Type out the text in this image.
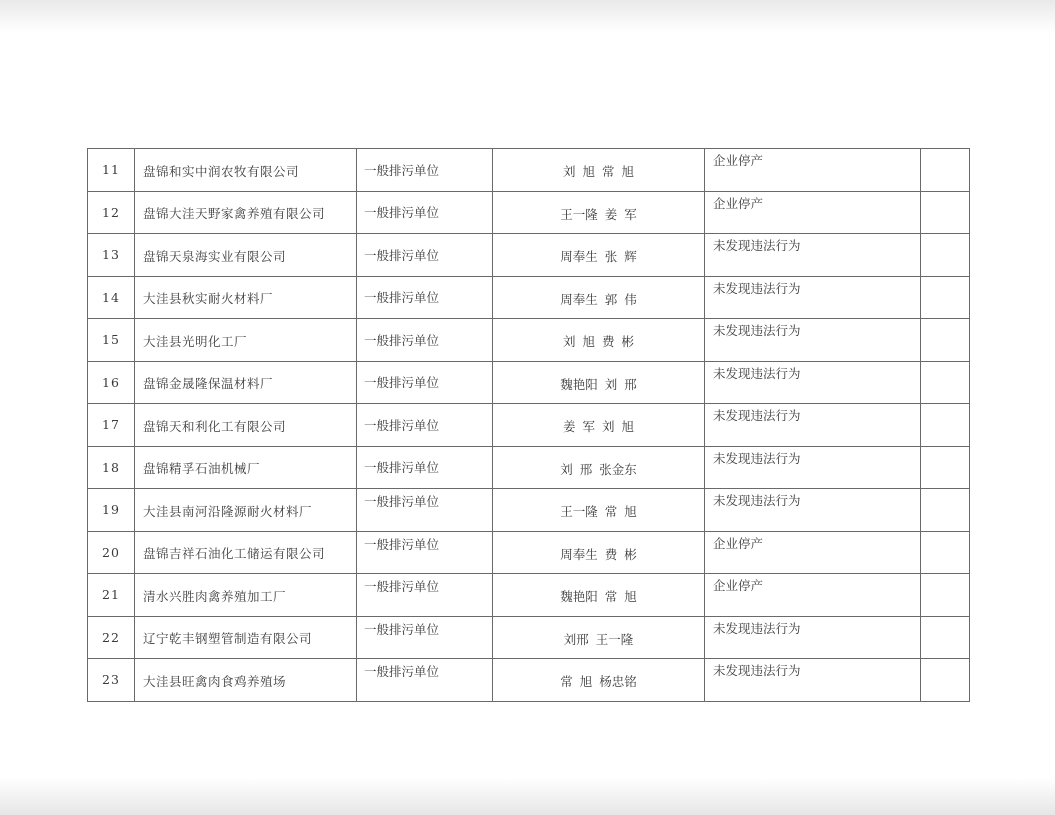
11	盘锦和实中润农牧有限公司	一般排污单位	刘 旭 常 旭	企业停产	
12	盘锦大洼天野家禽养殖有限公司	一般排污单位	王一隆 姜 军	企业停产	
13	盘锦天泉海实业有限公司	一般排污单位	周奉生 张 辉	未发现违法行为	
14	大洼县秋实耐火材料厂	一般排污单位	周奉生 郭 伟	未发现违法行为	
15	大洼县光明化工厂	一般排污单位	刘 旭 费 彬	未发现违法行为	
16	盘锦金晟隆保温材料厂	一般排污单位	魏艳阳 刘 邢	未发现违法行为	
17	盘锦天和利化工有限公司	一般排污单位	姜 军 刘 旭	未发现违法行为	
18	盘锦精孚石油机械厂	一般排污单位	刘 邢 张金东	未发现违法行为	
19	大洼县南河沿隆源耐火材料厂	一般排污单位	王一隆 常 旭	未发现违法行为	
20	盘锦吉祥石油化工储运有限公司	一般排污单位	周奉生 费 彬	企业停产	
21	清水兴胜肉禽养殖加工厂	一般排污单位	魏艳阳 常 旭	企业停产	
22	辽宁乾丰钢塑管制造有限公司	一般排污单位	刘邢 王一隆	未发现违法行为	
23	大洼县旺禽肉食鸡养殖场	一般排污单位	常 旭 杨忠铭	未发现违法行为	
